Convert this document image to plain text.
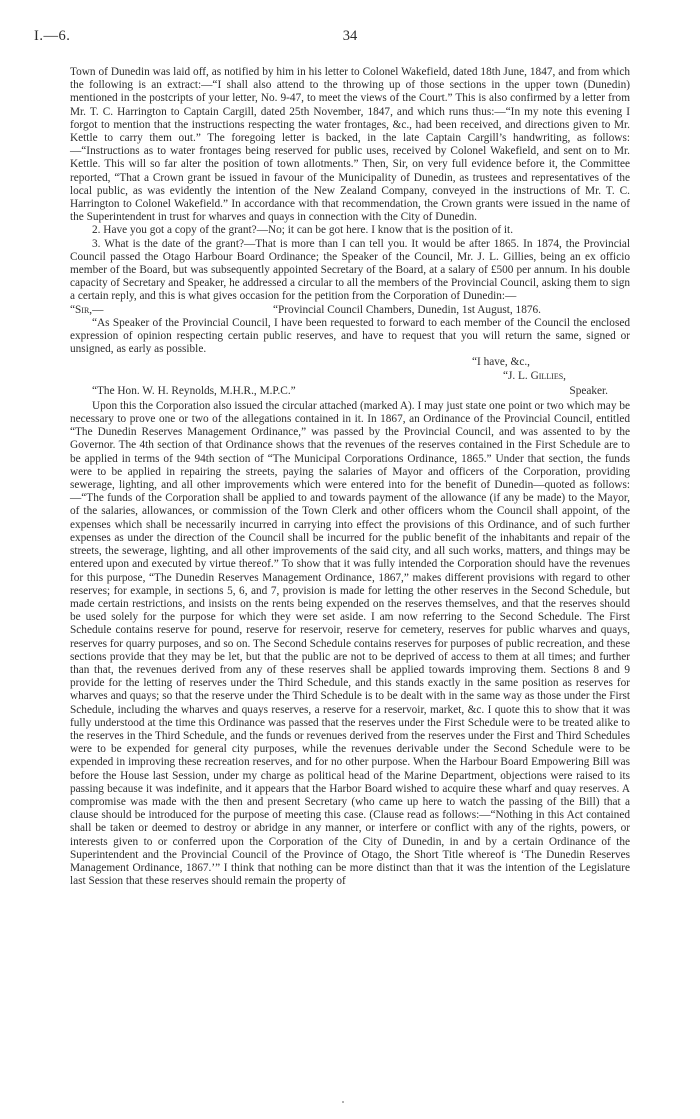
I.—6.	34

Town of Dunedin was laid off, as notified by him in his letter to Colonel Wakefield, dated 18th June, 1847, and from which the following is an extract:—“I shall also attend to the throwing up of those sections in the upper town (Dunedin) mentioned in the postcripts of your letter, No. 9-47, to meet the views of the Court.” This is also confirmed by a letter from Mr. T. C. Harrington to Captain Cargill, dated 25th November, 1847, and which runs thus:—“In my note this evening I forgot to mention that the instructions respecting the water frontages, &c., had been received, and directions given to Mr. Kettle to carry them out.” The foregoing letter is backed, in the late Captain Cargill’s handwriting, as follows:—“Instructions as to water frontages being reserved for public uses, received by Colonel Wakefield, and sent on to Mr. Kettle. This will so far alter the position of town allotments.” Then, Sir, on very full evidence before it, the Committee reported, “That a Crown grant be issued in favour of the Municipality of Dunedin, as trustees and representatives of the local public, as was evidently the intention of the New Zealand Company, conveyed in the instructions of Mr. T. C. Harrington to Colonel Wakefield.” In accordance with that recommendation, the Crown grants were issued in the name of the Superintendent in trust for wharves and quays in connection with the City of Dunedin.

2. Have you got a copy of the grant?—No; it can be got here. I know that is the position of it.

3. What is the date of the grant?—That is more than I can tell you. It would be after 1865. In 1874, the Provincial Council passed the Otago Harbour Board Ordinance; the Speaker of the Council, Mr. J. L. Gillies, being an ex officio member of the Board, but was subsequently appointed Secretary of the Board, at a salary of £500 per annum. In his double capacity of Secretary and Speaker, he addressed a circular to all the members of the Provincial Council, asking them to sign a certain reply, and this is what gives occasion for the petition from the Corporation of Dunedin:—

“Sir,—	“Provincial Council Chambers, Dunedin, 1st August, 1876.

“As Speaker of the Provincial Council, I have been requested to forward to each member of the Council the enclosed expression of opinion respecting certain public reserves, and have to request that you will return the same, signed or unsigned, as early as possible.

“I have, &c.,
“J. L. Gillies,
“The Hon. W. H. Reynolds, M.H.R., M.P.C.”	Speaker.

Upon this the Corporation also issued the circular attached (marked A). I may just state one point or two which may be necessary to prove one or two of the allegations contained in it. In 1867, an Ordinance of the Provincial Council, entitled “The Dunedin Reserves Management Ordinance,” was passed by the Provincial Council, and was assented to by the Governor. The 4th section of that Ordinance shows that the revenues of the reserves contained in the First Schedule are to be applied in terms of the 94th section of “The Municipal Corporations Ordinance, 1865.” Under that section, the funds were to be applied in repairing the streets, paying the salaries of Mayor and officers of the Corporation, providing sewerage, lighting, and all other improvements which were entered into for the benefit of Dunedin—quoted as follows:—“The funds of the Corporation shall be applied to and towards payment of the allowance (if any be made) to the Mayor, of the salaries, allowances, or commission of the Town Clerk and other officers whom the Council shall appoint, of the expenses which shall be necessarily incurred in carrying into effect the provisions of this Ordinance, and of such further expenses as under the direction of the Council shall be incurred for the public benefit of the inhabitants and repair of the streets, the sewerage, lighting, and all other improvements of the said city, and all such works, matters, and things may be entered upon and executed by virtue thereof.” To show that it was fully intended the Corporation should have the revenues for this purpose, “The Dunedin Reserves Management Ordinance, 1867,” makes different provisions with regard to other reserves; for example, in sections 5, 6, and 7, provision is made for letting the other reserves in the Second Schedule, but made certain restrictions, and insists on the rents being expended on the reserves themselves, and that the reserves should be used solely for the purpose for which they were set aside. I am now referring to the Second Schedule. The First Schedule contains reserve for pound, reserve for reservoir, reserve for cemetery, reserves for public wharves and quays, reserves for quarry purposes, and so on. The Second Schedule contains reserves for purposes of public recreation, and these sections provide that they may be let, but that the public are not to be deprived of access to them at all times; and further than that, the revenues derived from any of these reserves shall be applied towards improving them. Sections 8 and 9 provide for the letting of reserves under the Third Schedule, and this stands exactly in the same position as reserves for wharves and quays; so that the reserve under the Third Schedule is to be dealt with in the same way as those under the First Schedule, including the wharves and quays reserves, a reserve for a reservoir, market, &c. I quote this to show that it was fully understood at the time this Ordinance was passed that the reserves under the First Schedule were to be treated alike to the reserves in the Third Schedule, and the funds or revenues derived from the reserves under the First and Third Schedules were to be expended for general city purposes, while the revenues derivable under the Second Schedule were to be expended in improving these recreation reserves, and for no other purpose. When the Harbour Board Empowering Bill was before the House last Session, under my charge as political head of the Marine Department, objections were raised to its passing because it was indefinite, and it appears that the Harbor Board wished to acquire these wharf and quay reserves. A compromise was made with the then and present Secretary (who came up here to watch the passing of the Bill) that a clause should be introduced for the purpose of meeting this case. (Clause read as follows:—“Nothing in this Act contained shall be taken or deemed to destroy or abridge in any manner, or interfere or conflict with any of the rights, powers, or interests given to or conferred upon the Corporation of the City of Dunedin, in and by a certain Ordinance of the Superintendent and the Provincial Council of the Province of Otago, the Short Title whereof is ‘The Dunedin Reserves Management Ordinance, 1867.’” I think that nothing can be more distinct than that it was the intention of the Legislature last Session that these reserves should remain the property of
